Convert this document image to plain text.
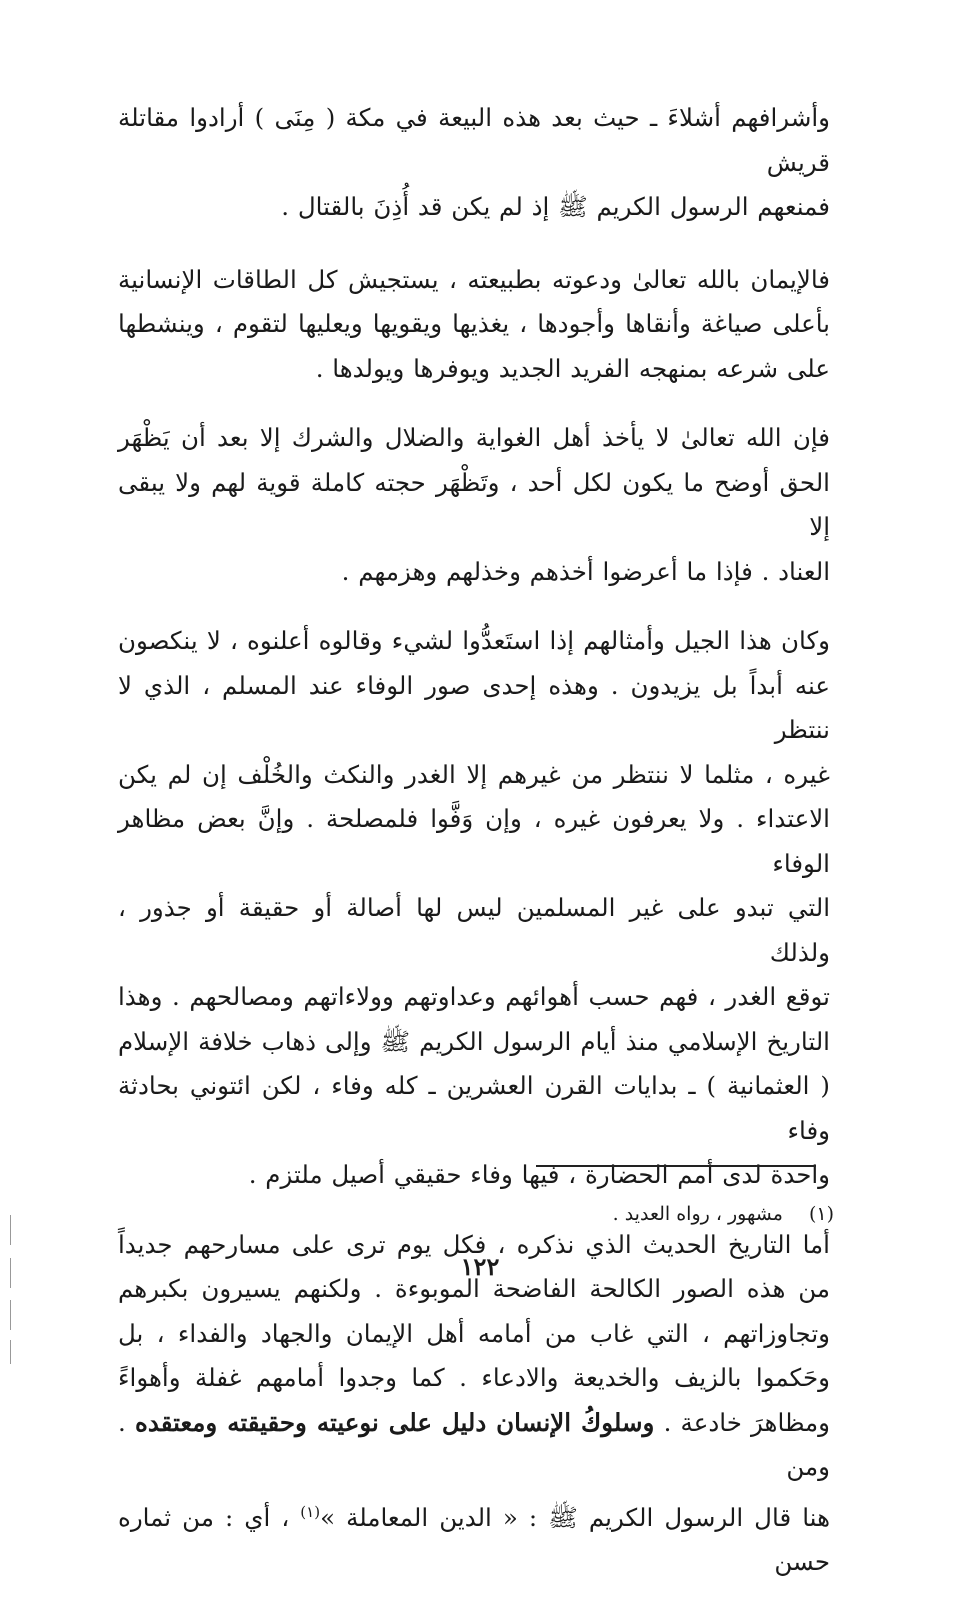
وأشرافهم أشلاءَ ـ حيث بعد هذه البيعة في مكة ( مِنَى ) أرادوا مقاتلة قريش
فمنعهم الرسول الكريم ﷺ إذ لم يكن قد أُذِنَ بالقتال .

فالإيمان بالله تعالىٰ ودعوته بطبيعته ، يستجيش كل الطاقات الإنسانية
بأعلى صياغة وأنقاها وأجودها ، يغذيها ويقويها ويعليها لتقوم ، وينشطها
على شرعه بمنهجه الفريد الجديد ويوفرها ويولدها .

فإن الله تعالىٰ لا يأخذ أهل الغواية والضلال والشرك إلا بعد أن يَظْهَر
الحق أوضح ما يكون لكل أحد ، وتَظْهَر حجته كاملة قوية لهم ولا يبقى إلا
العناد . فإذا ما أعرضوا أخذهم وخذلهم وهزمهم .

وكان هذا الجيل وأمثالهم إذا استَعدُّوا لشيء وقالوه أعلنوه ، لا ينكصون
عنه أبداً بل يزيدون . وهذه إحدى صور الوفاء عند المسلم ، الذي لا ننتظر
غيره ، مثلما لا ننتظر من غيرهم إلا الغدر والنكث والخُلْف إن لم يكن
الاعتداء . ولا يعرفون غيره ، وإن وَفَّوا فلمصلحة . وإنَّ بعض مظاهر الوفاء
التي تبدو على غير المسلمين ليس لها أصالة أو حقيقة أو جذور ، ولذلك
توقع الغدر ، فهم حسب أهوائهم وعداوتهم وولاءاتهم ومصالحهم . وهذا
التاريخ الإسلامي منذ أيام الرسول الكريم ﷺ وإلى ذهاب خلافة الإسلام
( العثمانية ) ـ بدايات القرن العشرين ـ كله وفاء ، لكن ائتوني بحادثة وفاء
واحدة لدى أمم الحضارة ، فيها وفاء حقيقي أصيل ملتزم .

أما التاريخ الحديث الذي نذكره ، فكل يوم ترى على مسارحهم جديداً
من هذه الصور الكالحة الفاضحة الموبوءة . ولكنهم يسيرون بكبرهم
وتجاوزاتهم ، التي غاب من أمامه أهل الإيمان والجهاد والفداء ، بل
وحَكموا بالزيف والخديعة والادعاء . كما وجدوا أمامهم غفلة وأهواءً
ومظاهرَ خادعة . وسلوكُ الإنسان دليل على نوعيته وحقيقته ومعتقده . ومن
هنا قال الرسول الكريم ﷺ : « الدين المعاملة »$^{(١)}$ ، أي : من ثماره حسن

(١) مشهور ، رواه العديد .
١٢٢
